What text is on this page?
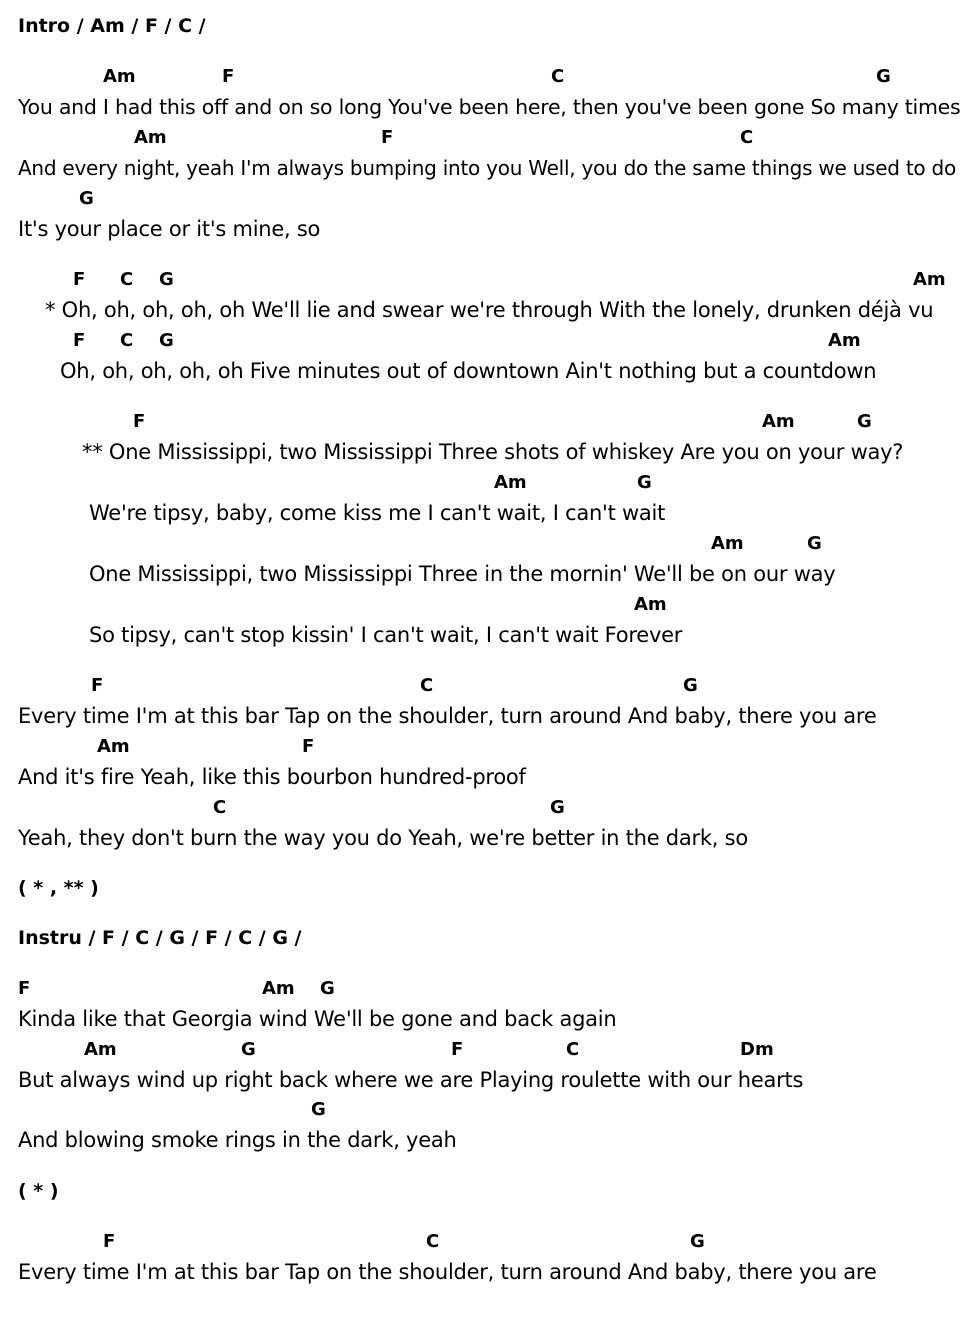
Intro / Am / F / C /
Am	F	C	G
You and I had this off and on so long You've been here, then you've been gone So many times
Am	F	C
And every night, yeah I'm always bumping into you Well, you do the same things we used to do
G
It's your place or it's mine, so
F C G	Am
* Oh, oh, oh, oh, oh We'll lie and swear we're through With the lonely, drunken déjà vu
F C G	Am
Oh, oh, oh, oh, oh Five minutes out of downtown Ain't nothing but a countdown
F	Am	G
** One Mississippi, two Mississippi Three shots of whiskey Are you on your way?
Am	G
We're tipsy, baby, come kiss me I can't wait, I can't wait
Am	G
One Mississippi, two Mississippi Three in the mornin' We'll be on our way
Am
So tipsy, can't stop kissin' I can't wait, I can't wait Forever
F	C	G
Every time I'm at this bar Tap on the shoulder, turn around And baby, there you are
Am	F
And it's fire Yeah, like this bourbon hundred-proof
C	G
Yeah, they don't burn the way you do Yeah, we're better in the dark, so
( * , ** )
Instru / F / C / G / F / C / G /
F	Am G
Kinda like that Georgia wind We'll be gone and back again
Am	G	F	C	Dm
But always wind up right back where we are Playing roulette with our hearts
G
And blowing smoke rings in the dark, yeah
( * )
F	C	G
Every time I'm at this bar Tap on the shoulder, turn around And baby, there you are
